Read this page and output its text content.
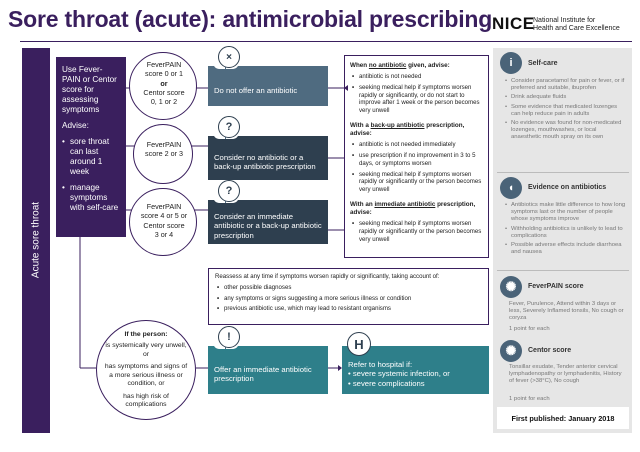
Sore throat (acute): antimicrobial prescribing NICE
National Institute for
Health and Care Excellence
Acute sore throat

Use Fever-PAIN or Centor score for assessing symptoms

Advise:

• sore throat can last around 1 week
• manage symptoms with self-care
FeverPAIN
score 0 or 1
or
Centor score
0, 1 or 2
FeverPAIN
score 2 or 3
FeverPAIN
score 4 or 5 or
Centor score
3 or 4
Do not offer an antibiotic
×
Consider no antibiotic or a back-up antibiotic prescription
?
Consider an immediate antibiotic or a back-up antibiotic prescription
?
Offer an immediate antibiotic prescription
!
Refer to hospital if:
• severe systemic infection, or
• severe complications
H
When no antibiotic given, advise:
• antibiotic is not needed
• seeking medical help if symptoms worsen rapidly or significantly, or do not start to improve after 1 week or the person becomes very unwell
With a back-up antibiotic prescription, advise:
• antibiotic is not needed immediately
• use prescription if no improvement in 3 to 5 days, or symptoms worsen
• seeking medical help if symptoms worsen rapidly or significantly or the person becomes very unwell
With an immediate antibiotic prescription, advise:
• seeking medical help if symptoms worsen rapidly or significantly or the person becomes very unwell
Reassess at any time if symptoms worsen rapidly or significantly, taking account of:
• other possible diagnoses
• any symptoms or signs suggesting a more serious illness or condition
• previous antibiotic use, which may lead to resistant organisms

If the person:

is systemically very unwell, or

has symptoms and signs of a more serious illness or condition, or

has high risk of complications

i	Self-care
• Consider paracetamol for pain or fever, or if preferred and suitable, ibuprofen
• Drink adequate fluids
• Some evidence that medicated lozenges can help reduce pain in adults
• No evidence was found for non-medicated lozenges, mouthwashes, or local anaesthetic mouth spray on its own
◖	Evidence on antibiotics
• Antibiotics make little difference to how long symptoms last or the number of people whose symptoms improve
• Withholding antibiotics is unlikely to lead to complications
• Possible adverse effects include diarrhoea and nausea
✺	FeverPAIN score
Fever, Purulence, Attend within 3 days or less, Severely Inflamed tonsils, No cough or coryza
1 point for each
✺	Centor score
Tonsillar exudate, Tender anterior cervical lymphadenopathy or lymphadenitis, History of fever (>38°C), No cough
1 point for each
First published: January 2018
